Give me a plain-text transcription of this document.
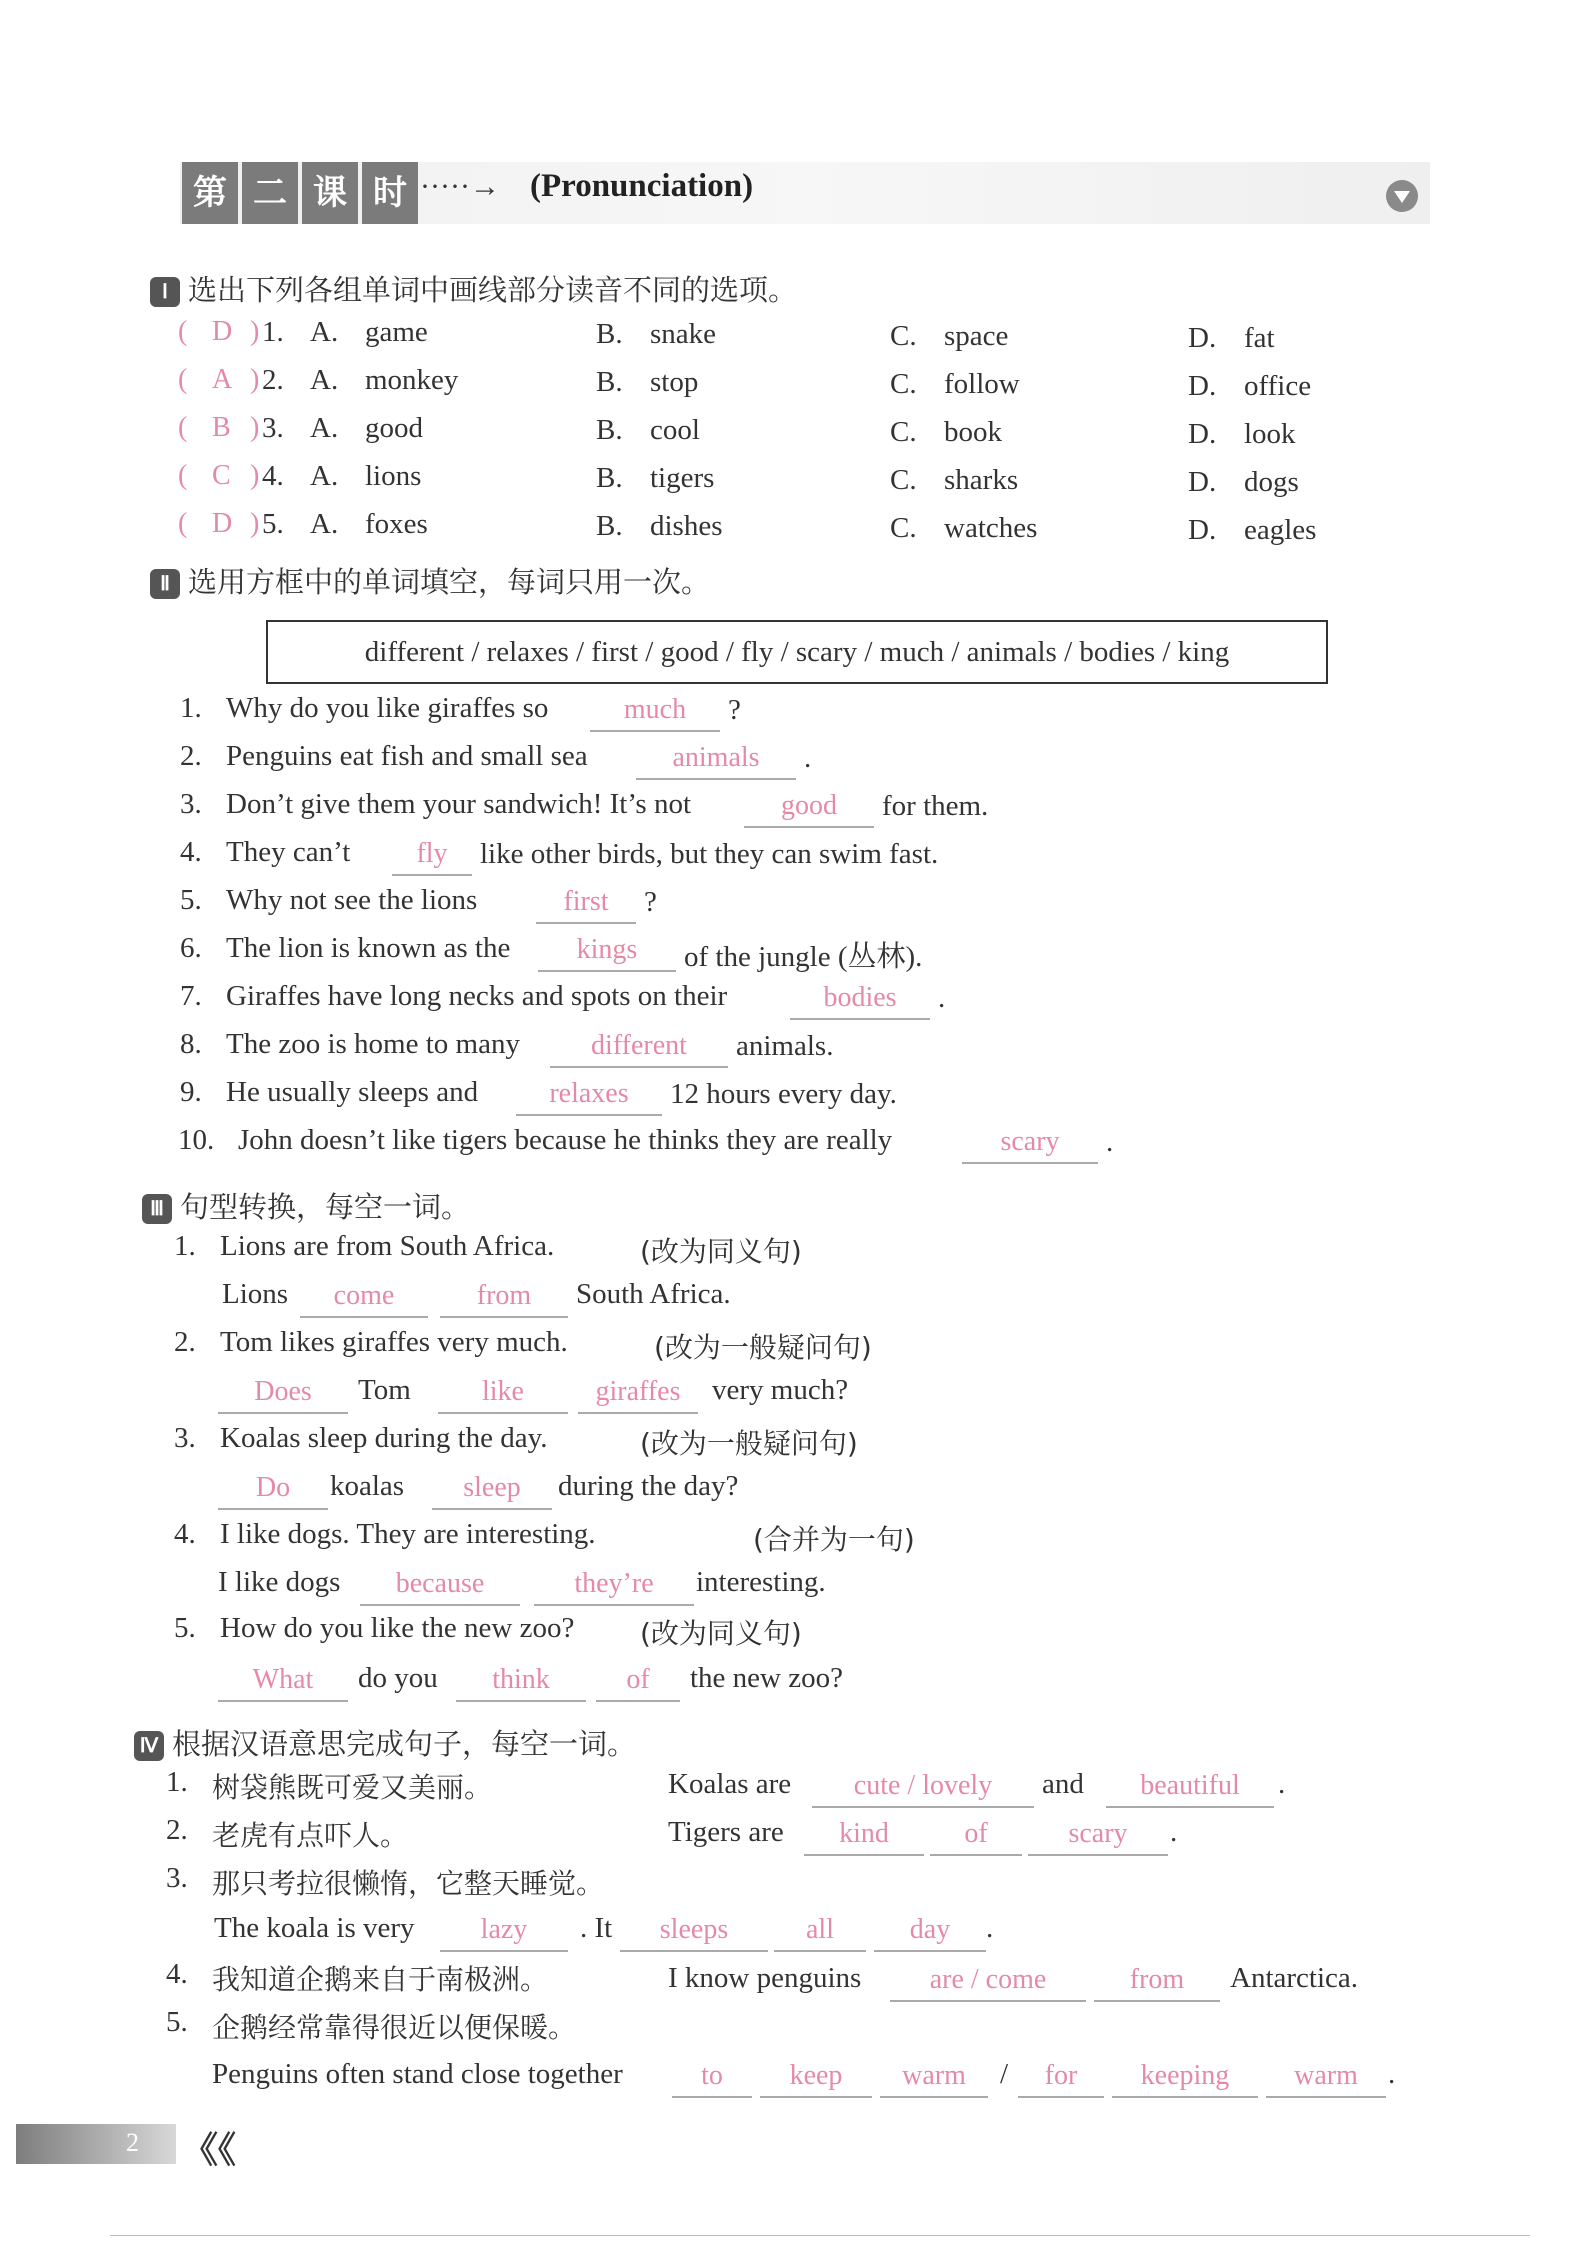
第 二 课 时 ·····→ (Pronunciation)
Ⅰ 选出下列各组单词中画线部分读音不同的选项。
( D ) 1. A. game	B. snake	C. space	D. fat
( A ) 2. A. monkey	B. stop	C. follow	D. office
( B ) 3. A. good	B. cool	C. book	D. look
( C ) 4. A. lions	B. tigers	C. sharks	D. dogs
( D ) 5. A. foxes	B. dishes	C. watches	D. eagles
Ⅱ 选用方框中的单词填空，每词只用一次。
different / relaxes / first / good / fly / scary / much / animals / bodies / king
1. Why do you like giraffes so	much	?
2. Penguins eat fish and small sea	animals	.
3. Don’t give them your sandwich! It’s not	good	for them.
4. They can’t	fly	like other birds, but they can swim fast.
5. Why not see the lions	first	?
6. The lion is known as the	kings	of the jungle (丛林).
7. Giraffes have long necks and spots on their	bodies	.
8. The zoo is home to many	different	animals.
9. He usually sleeps and	relaxes	12 hours every day.
10. John doesn’t like tigers because he thinks they are really	scary	.
Ⅲ 句型转换，每空一词。
1. Lions are from South Africa.	(改为同义句)
Lions	come	from	South Africa.
2. Tom likes giraffes very much.	(改为一般疑问句)
Does	Tom	like	giraffes	very much?
3. Koalas sleep during the day.	(改为一般疑问句)
Do	koalas	sleep	during the day?
4. I like dogs. They are interesting.	(合并为一句)
I like dogs	because	they’re	interesting.
5. How do you like the new zoo? (改为同义句)
What	do you	think	of	the new zoo?
Ⅳ 根据汉语意思完成句子，每空一词。
1. 树袋熊既可爱又美丽。
2. 老虎有点吓人。
3. 那只考拉很懒惰，它整天睡觉。
4. 我知道企鹅来自于南极洲。
5. 企鹅经常靠得很近以便保暖。
Koalas are	cute / lovely	and	beautiful	.
Tigers are	kind	of	scary	.
The koala is very	lazy	. It	sleeps	all	day	.
I know penguins	are / come	from	Antarctica.
Penguins often stand close together	to	keep	warm	/	for	keeping	warm	.
2 《《
